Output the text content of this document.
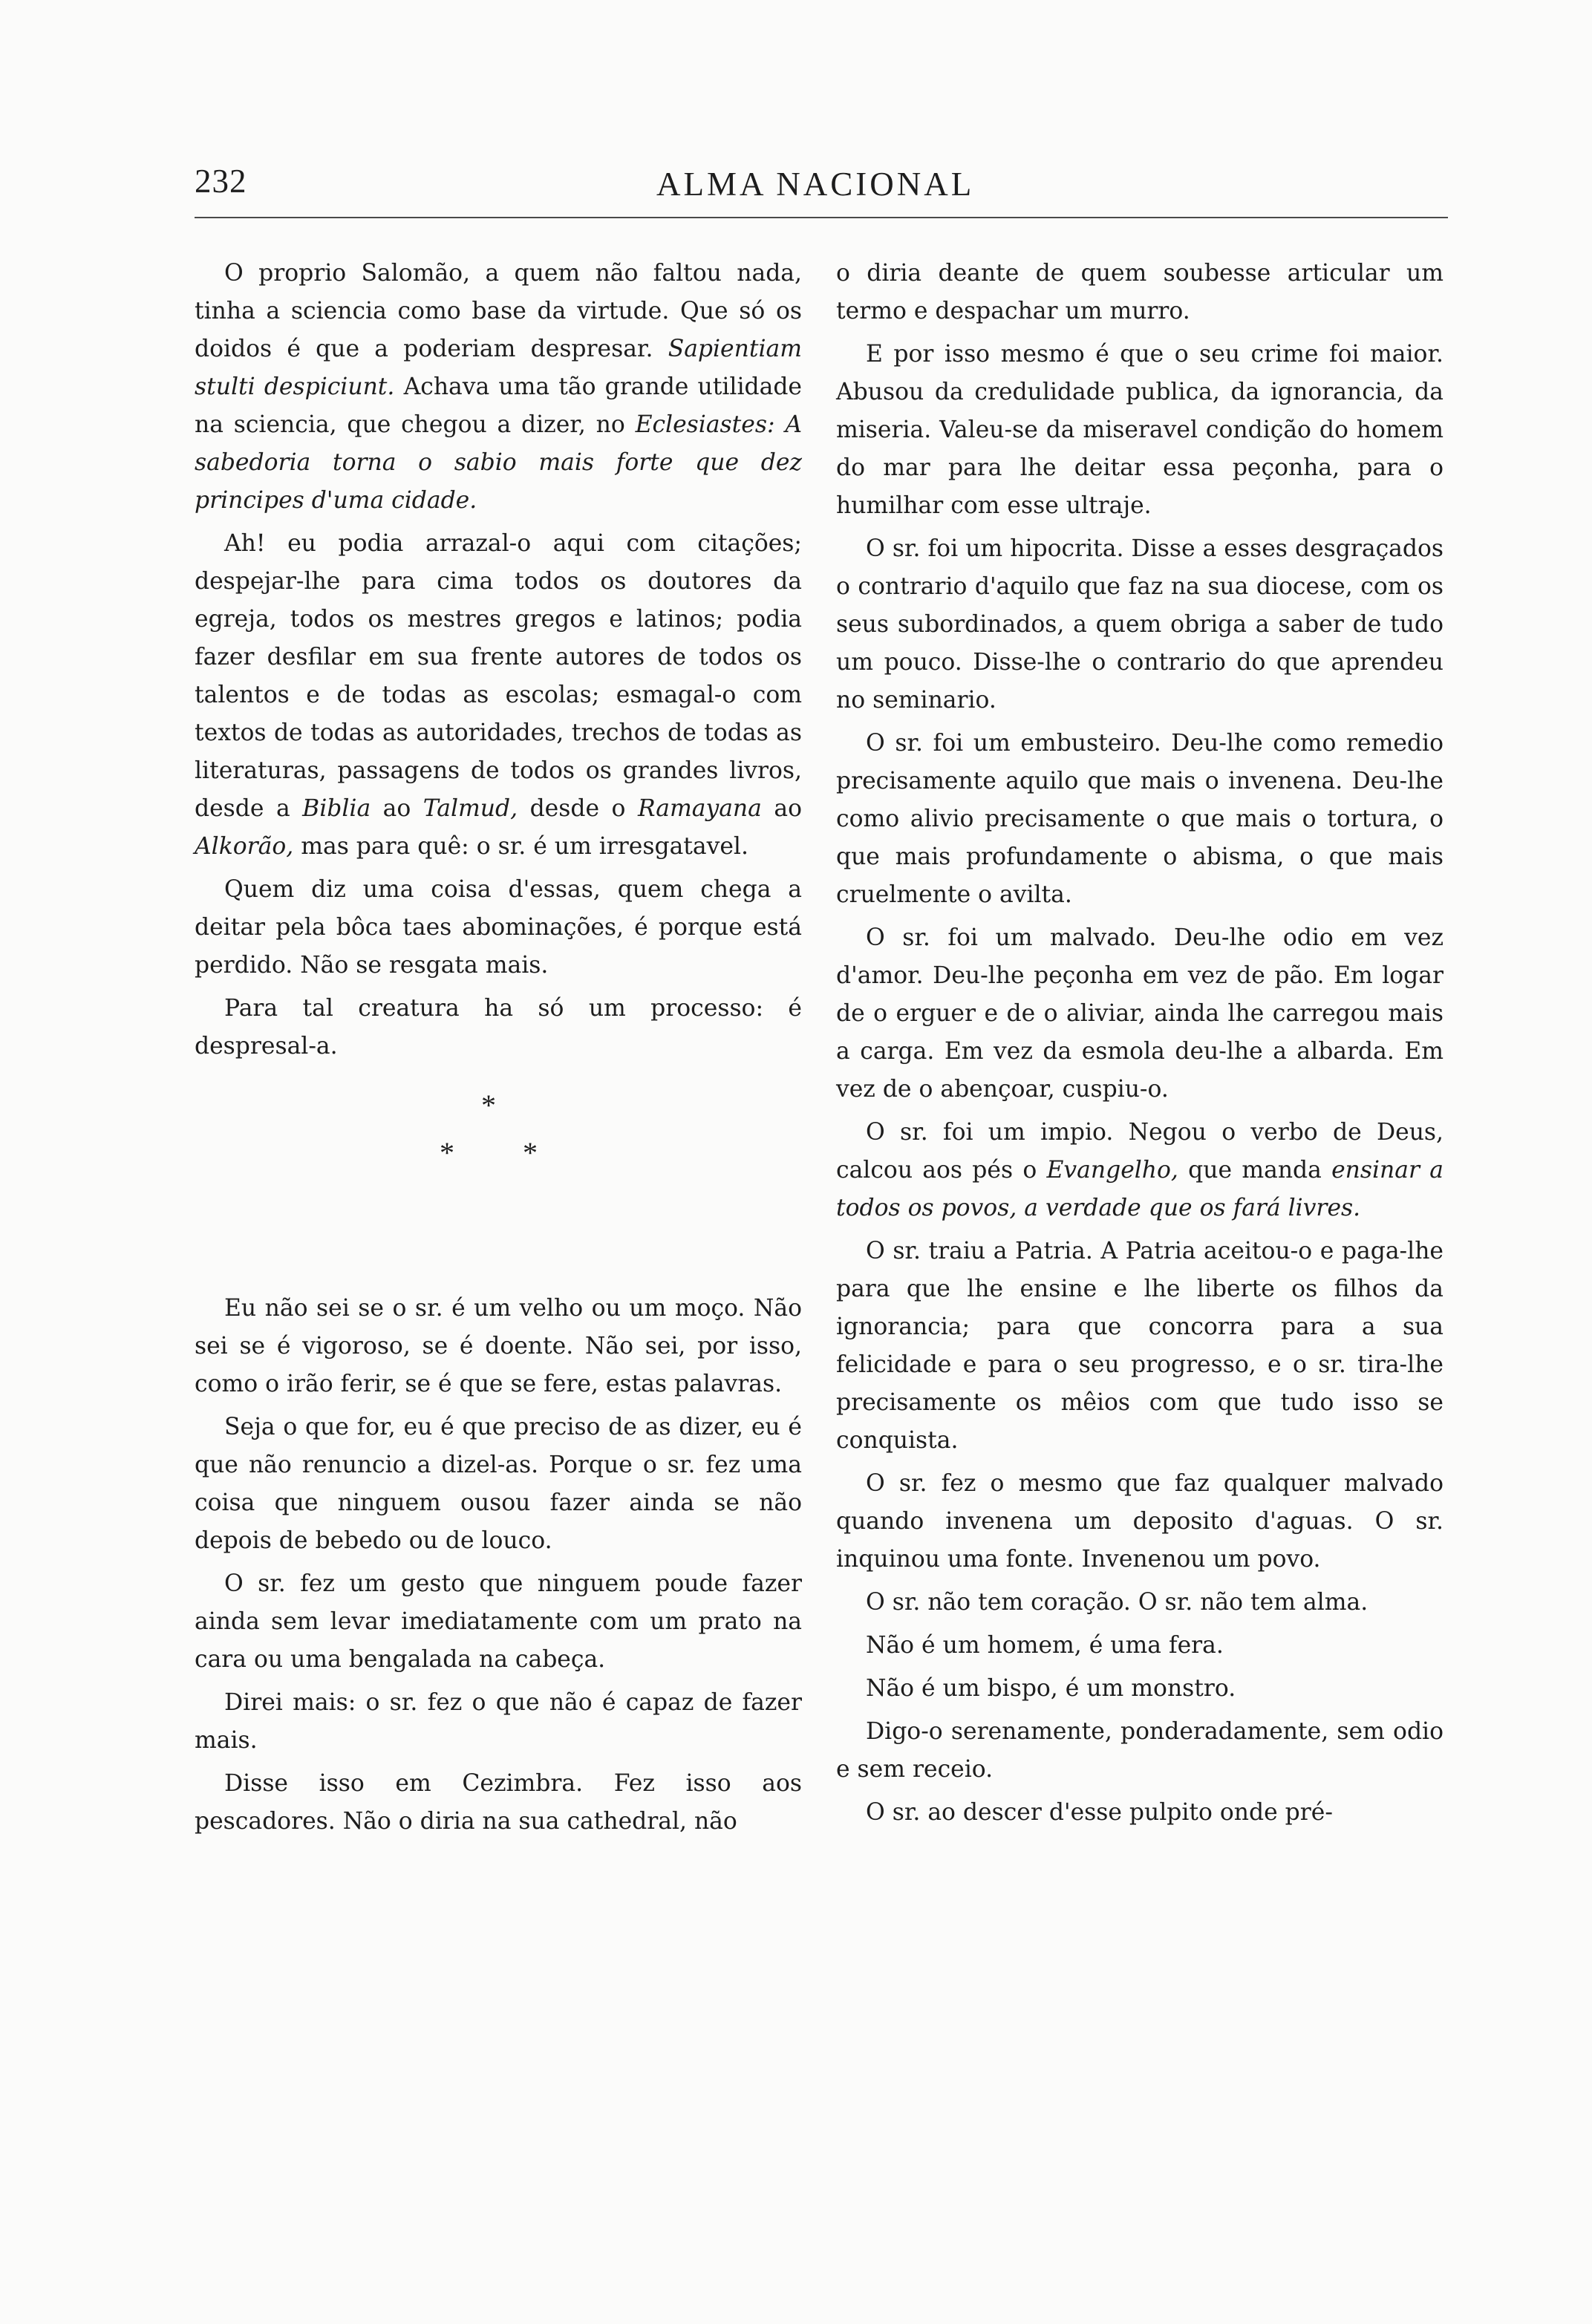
232	ALMA NACIONAL

O proprio Salomão, a quem não faltou nada, tinha a sciencia como base da virtude. Que só os doidos é que a poderiam despresar. Sapientiam stulti despiciunt. Achava uma tão grande utilidade na sciencia, que chegou a dizer, no Eclesiastes: A sabedoria torna o sabio mais forte que dez principes d'uma cidade.

Ah! eu podia arrazal-o aqui com citações; despejar-lhe para cima todos os doutores da egreja, todos os mestres gregos e latinos; podia fazer desfilar em sua frente autores de todos os talentos e de todas as escolas; esmagal-o com textos de todas as autoridades, trechos de todas as literaturas, passagens de todos os grandes livros, desde a Biblia ao Talmud, desde o Ramayana ao Alkorão, mas para quê: o sr. é um irresgatavel.

Quem diz uma coisa d'essas, quem chega a deitar pela bôca taes abominações, é porque está perdido. Não se resgata mais.

Para tal creatura ha só um processo: é despresal-a.

*
* *

Eu não sei se o sr. é um velho ou um moço. Não sei se é vigoroso, se é doente. Não sei, por isso, como o irão ferir, se é que se fere, estas palavras.

Seja o que for, eu é que preciso de as dizer, eu é que não renuncio a dizel-as. Porque o sr. fez uma coisa que ninguem ousou fazer ainda se não depois de bebedo ou de louco.

O sr. fez um gesto que ninguem poude fazer ainda sem levar imediatamente com um prato na cara ou uma bengalada na cabeça.

Direi mais: o sr. fez o que não é capaz de fazer mais.

Disse isso em Cezimbra. Fez isso aos pescadores. Não o diria na sua cathedral, não

o diria deante de quem soubesse articular um termo e despachar um murro.

E por isso mesmo é que o seu crime foi maior. Abusou da credulidade publica, da ignorancia, da miseria. Valeu-se da miseravel condição do homem do mar para lhe deitar essa peçonha, para o humilhar com esse ultraje.

O sr. foi um hipocrita. Disse a esses desgraçados o contrario d'aquilo que faz na sua diocese, com os seus subordinados, a quem obriga a saber de tudo um pouco. Disse-lhe o contrario do que aprendeu no seminario.

O sr. foi um embusteiro. Deu-lhe como remedio precisamente aquilo que mais o invenena. Deu-lhe como alivio precisamente o que mais o tortura, o que mais profundamente o abisma, o que mais cruelmente o avilta.

O sr. foi um malvado. Deu-lhe odio em vez d'amor. Deu-lhe peçonha em vez de pão. Em logar de o erguer e de o aliviar, ainda lhe carregou mais a carga. Em vez da esmola deu-lhe a albarda. Em vez de o abençoar, cuspiu-o.

O sr. foi um impio. Negou o verbo de Deus, calcou aos pés o Evangelho, que manda ensinar a todos os povos, a verdade que os fará livres.

O sr. traiu a Patria. A Patria aceitou-o e paga-lhe para que lhe ensine e lhe liberte os filhos da ignorancia; para que concorra para a sua felicidade e para o seu progresso, e o sr. tira-lhe precisamente os mêios com que tudo isso se conquista.

O sr. fez o mesmo que faz qualquer malvado quando invenena um deposito d'aguas. O sr. inquinou uma fonte. Invenenou um povo.

O sr. não tem coração. O sr. não tem alma.

Não é um homem, é uma fera.

Não é um bispo, é um monstro.

Digo-o serenamente, ponderadamente, sem odio e sem receio.

O sr. ao descer d'esse pulpito onde pré-
